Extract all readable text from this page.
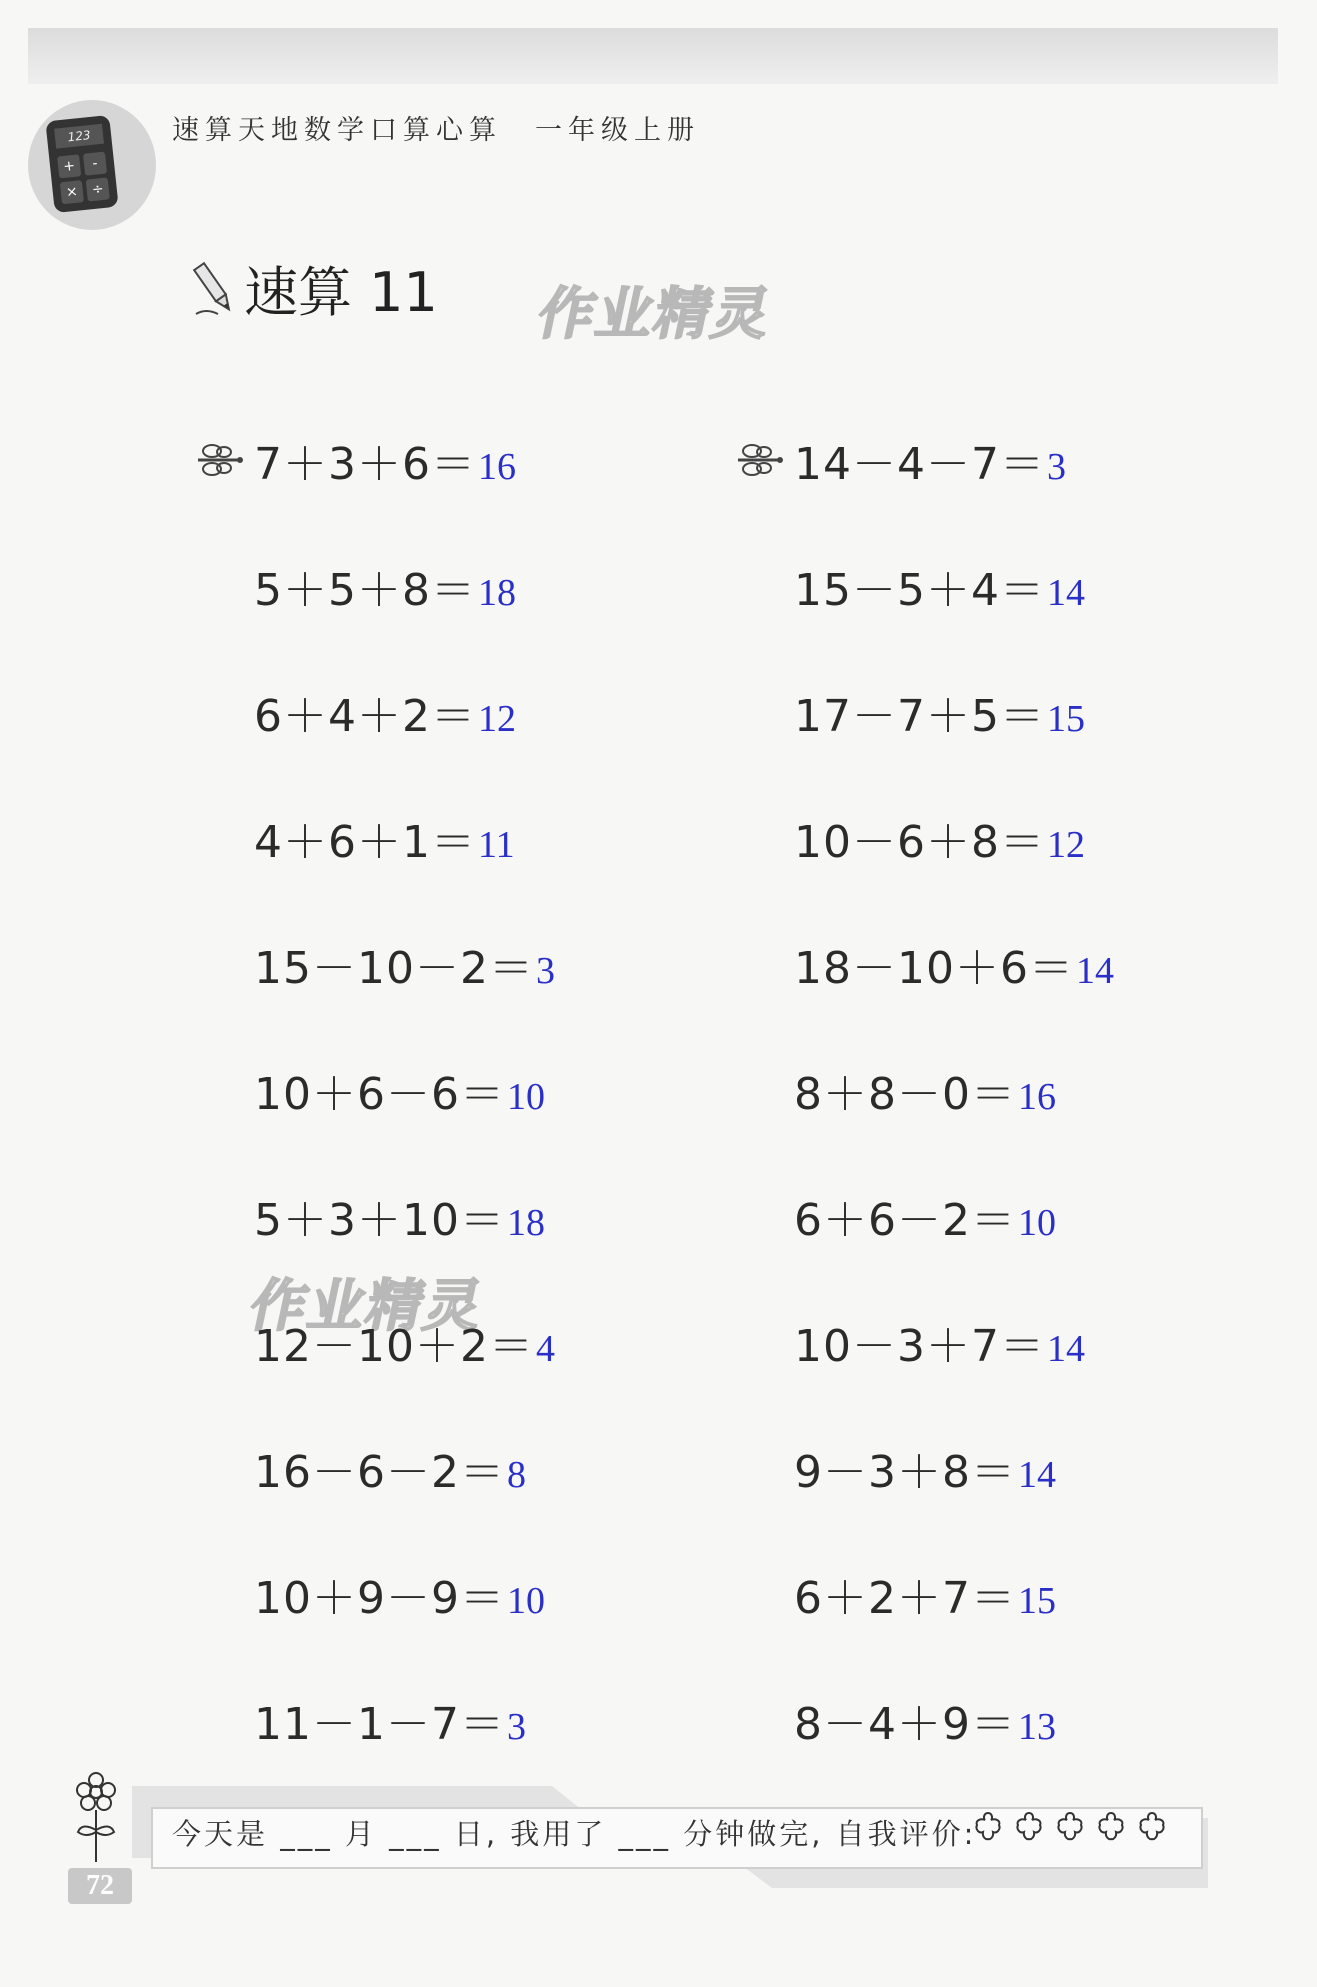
123
+	-
× ÷
速算天地数学口算心算　一年级上册
速算 11 作业精灵
作业精灵
7＋3＋6＝16
5＋5＋8＝18
6＋4＋2＝12
4＋6＋1＝11
15－10－2＝3
10＋6－6＝10
5＋3＋10＝18
12－10＋2＝4
16－6－2＝8
10＋9－9＝10
11－1－7＝3
14－4－7＝3
15－5＋4＝14
17－7＋5＝15
10－6＋8＝12
18－10＋6＝14
8＋8－0＝16
6＋6－2＝10
10－3＋7＝14
9－3＋8＝14
6＋2＋7＝15
8－4＋9＝13
今天是 ___ 月 ___ 日, 我用了 ___ 分钟做完, 自我评价:

72
